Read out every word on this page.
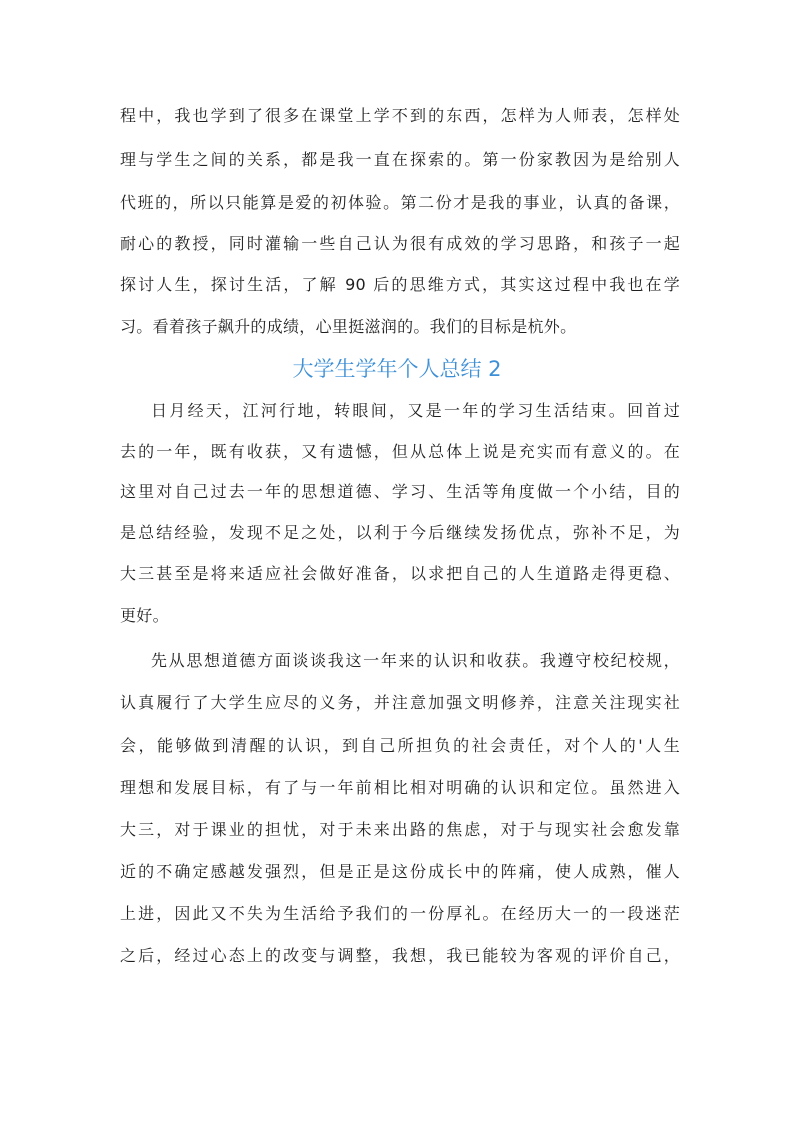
程中，我也学到了很多在课堂上学不到的东西，怎样为人师表，怎样处
理与学生之间的关系，都是我一直在探索的。第一份家教因为是给别人
代班的，所以只能算是爱的初体验。第二份才是我的事业，认真的备课，
耐心的教授，同时灌输一些自己认为很有成效的学习思路，和孩子一起
探讨人生，探讨生活，了解 90 后的思维方式，其实这过程中我也在学
习。看着孩子飙升的成绩，心里挺滋润的。我们的目标是杭外。
大学生学年个人总结 2
日月经天，江河行地，转眼间，又是一年的学习生活结束。回首过
去的一年，既有收获，又有遗憾，但从总体上说是充实而有意义的。在
这里对自己过去一年的思想道德、学习、生活等角度做一个小结，目的
是总结经验，发现不足之处，以利于今后继续发扬优点，弥补不足，为
大三甚至是将来适应社会做好准备，以求把自己的人生道路走得更稳、
更好。
先从思想道德方面谈谈我这一年来的认识和收获。我遵守校纪校规，
认真履行了大学生应尽的义务，并注意加强文明修养，注意关注现实社
会，能够做到清醒的认识，到自己所担负的社会责任，对个人的'人生
理想和发展目标，有了与一年前相比相对明确的认识和定位。虽然进入
大三，对于课业的担忧，对于未来出路的焦虑，对于与现实社会愈发靠
近的不确定感越发强烈，但是正是这份成长中的阵痛，使人成熟，催人
上进，因此又不失为生活给予我们的一份厚礼。在经历大一的一段迷茫
之后，经过心态上的改变与调整，我想，我已能较为客观的评价自己，
